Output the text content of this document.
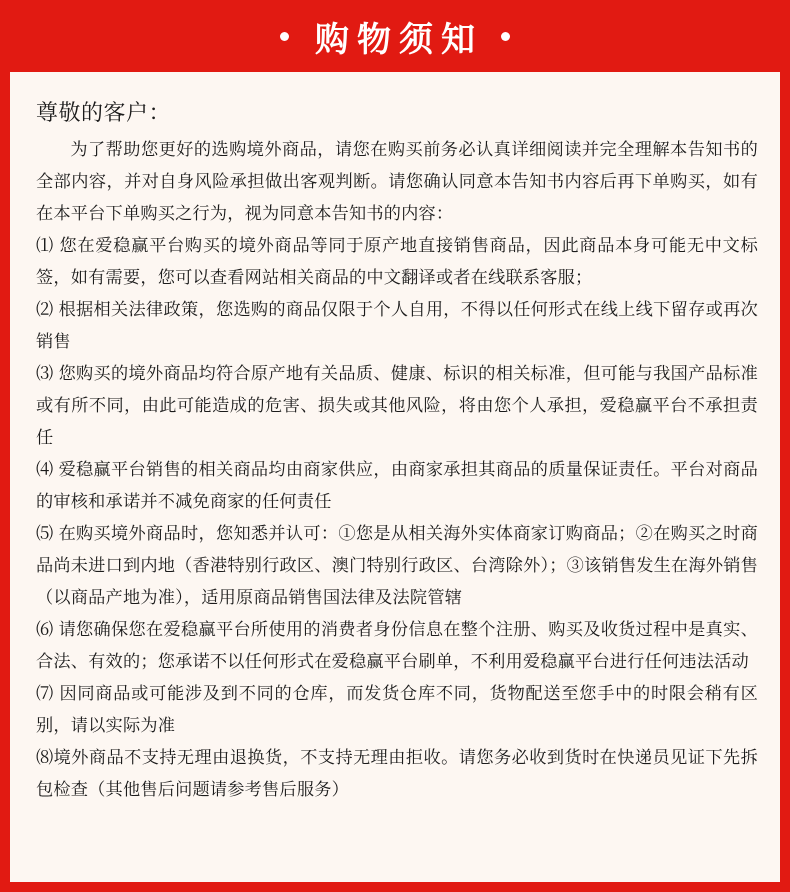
购物须知
尊敬的客户：

为了帮助您更好的选购境外商品，请您在购买前务必认真详细阅读并完全理解本告知书的全部内容，并对自身风险承担做出客观判断。请您确认同意本告知书内容后再下单购买，如有在本平台下单购买之行为，视为同意本告知书的内容：

⑴ 您在爱稳赢平台购买的境外商品等同于原产地直接销售商品，因此商品本身可能无中文标签，如有需要，您可以查看网站相关商品的中文翻译或者在线联系客服；

⑵ 根据相关法律政策，您选购的商品仅限于个人自用，不得以任何形式在线上线下留存或再次销售

⑶ 您购买的境外商品均符合原产地有关品质、健康、标识的相关标准，但可能与我国产品标准或有所不同，由此可能造成的危害、损失或其他风险，将由您个人承担，爱稳赢平台不承担责任

⑷ 爱稳赢平台销售的相关商品均由商家供应，由商家承担其商品的质量保证责任。平台对商品的审核和承诺并不减免商家的任何责任

⑸ 在购买境外商品时，您知悉并认可：①您是从相关海外实体商家订购商品；②在购买之时商品尚未进口到内地（香港特别行政区、澳门特别行政区、台湾除外）；③该销售发生在海外销售（以商品产地为准），适用原商品销售国法律及法院管辖

⑹ 请您确保您在爱稳赢平台所使用的消费者身份信息在整个注册、购买及收货过程中是真实、合法、有效的；您承诺不以任何形式在爱稳赢平台刷单，不利用爱稳赢平台进行任何违法活动

⑺ 因同商品或可能涉及到不同的仓库，而发货仓库不同，货物配送至您手中的时限会稍有区别，请以实际为准

⑻境外商品不支持无理由退换货，不支持无理由拒收。请您务必收到货时在快递员见证下先拆包检查（其他售后问题请参考售后服务）
